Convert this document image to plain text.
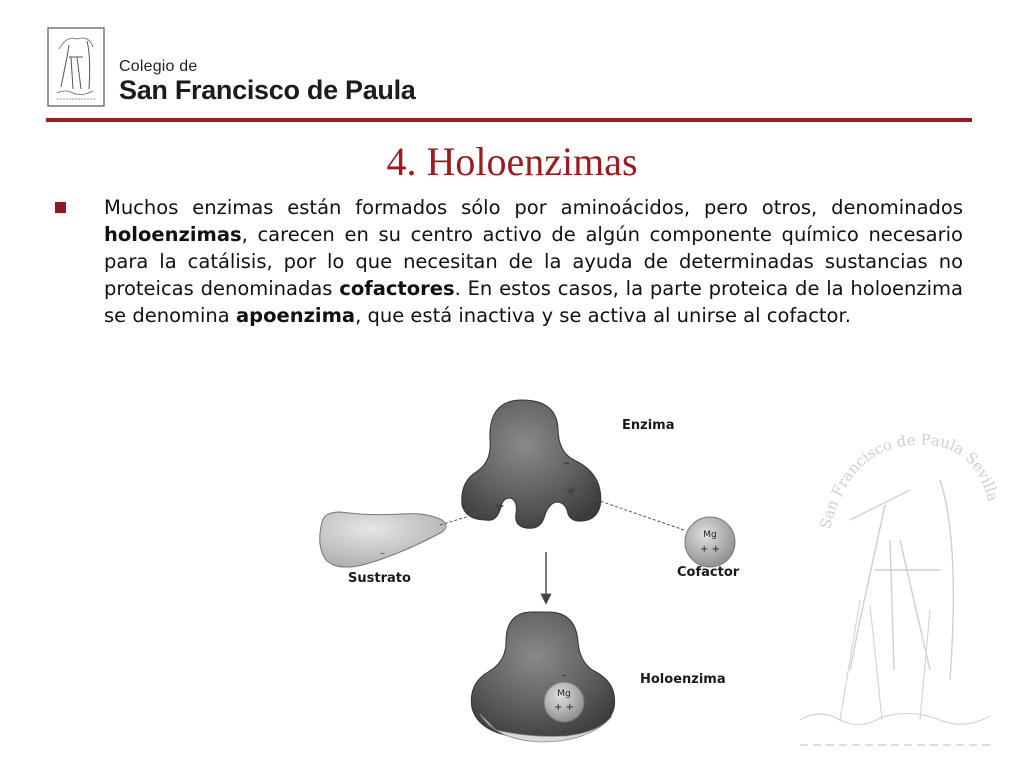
Colegio de
San Francisco de Paula
4. Holoenzimas
Muchos enzimas están formados sólo por aminoácidos, pero otros, denominados holoenzimas, carecen en su centro activo de algún componente químico necesario para la catálisis, por lo que necesitan de la ayuda de determinadas sustancias no proteicas denominadas cofactores. En estos casos, la parte proteica de la holoenzima se denomina apoenzima, que está inactiva y se activa al unirse al cofactor.
–
–
Mg
+ +
Mg
+ +
–
–
Enzima
Sustrato	Cofactor
Holoenzima
San Francisco de Paula Sevilla
